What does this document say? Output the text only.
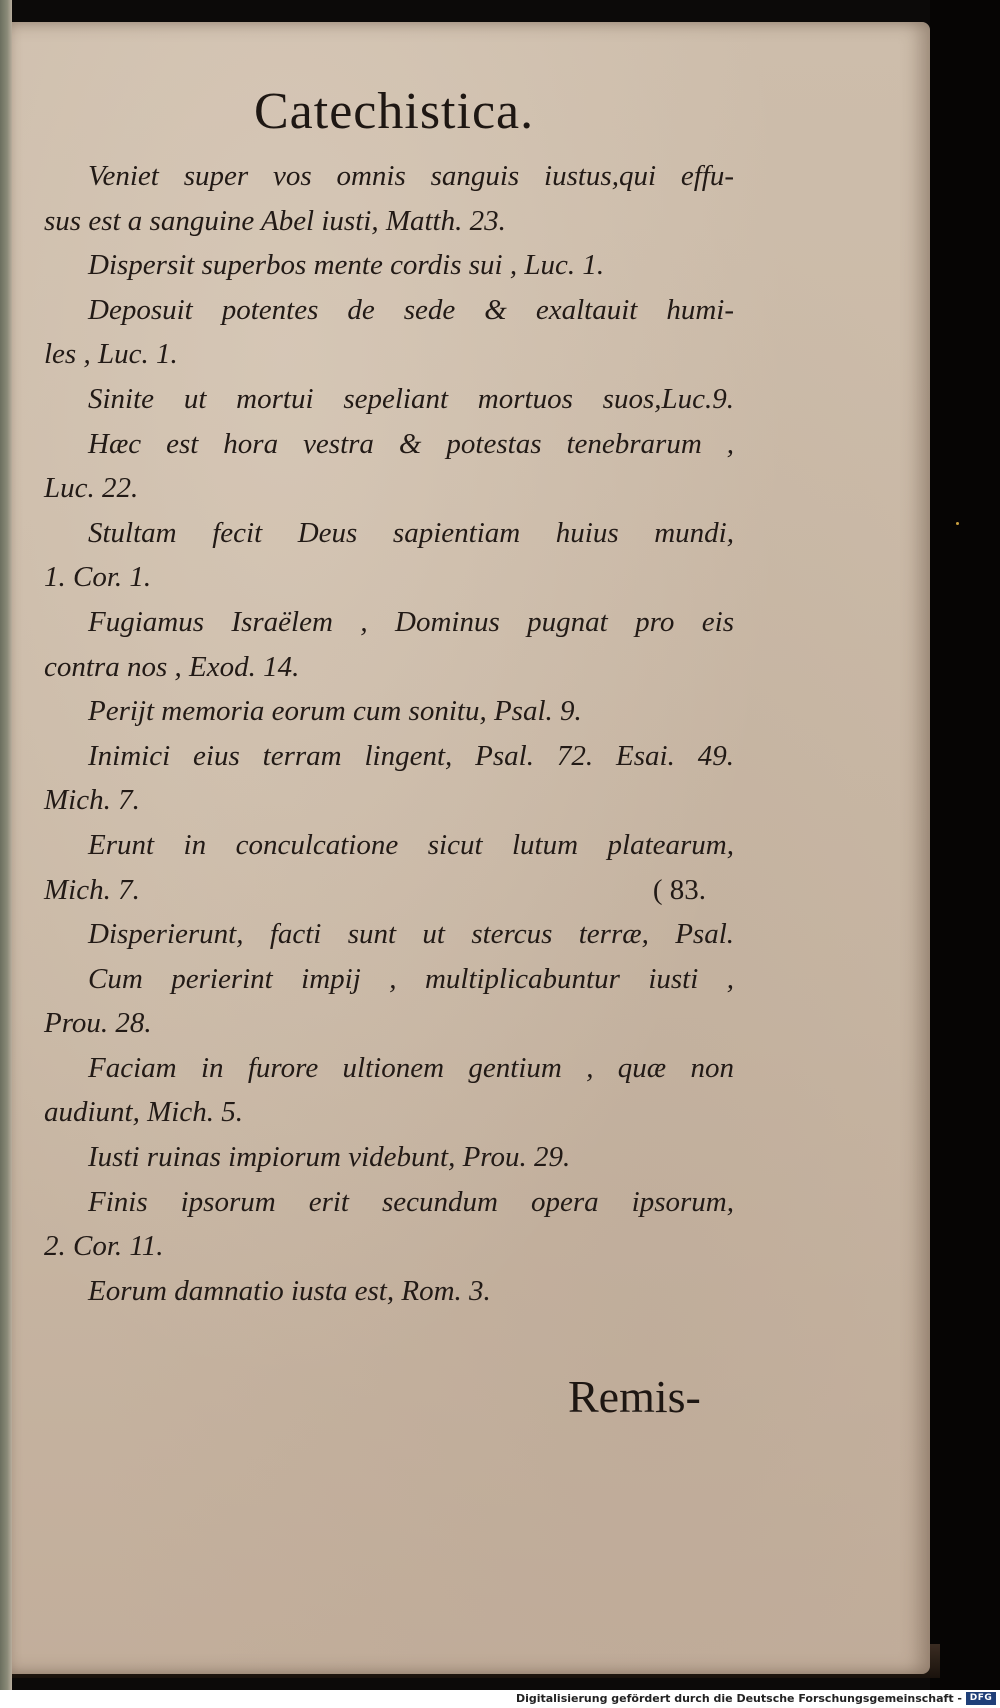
Catechistica.
Veniet super vos omnis sanguis iustus,qui effu-
sus est a sanguine Abel iusti, Matth. 23.
Dispersit superbos mente cordis sui , Luc. 1.
Deposuit potentes de sede & exaltauit humi-
les , Luc. 1.
Sinite ut mortui sepeliant mortuos suos,Luc.9.
Hæc est hora vestra & potestas tenebrarum ,
Luc. 22.
Stultam fecit Deus sapientiam huius mundi,
1. Cor. 1.
Fugiamus Israëlem , Dominus pugnat pro eis
contra nos , Exod. 14.
Perijt memoria eorum cum sonitu, Psal. 9.
Inimici eius terram lingent, Psal. 72. Esai. 49.
Mich. 7.
Erunt in conculcatione sicut lutum platearum,
Mich. 7.	( 83.
Disperierunt, facti sunt ut stercus terræ, Psal.
Cum perierint impij , multiplicabuntur iusti ,
Prou. 28.
Faciam in furore ultionem gentium , quæ non
audiunt, Mich. 5.
Iusti ruinas impiorum videbunt, Prou. 29.
Finis ipsorum erit secundum opera ipsorum,
2. Cor. 11.
Eorum damnatio iusta est, Rom. 3.
Remis-
Digitalisierung gefördert durch die Deutsche Forschungsgemeinschaft - DFG
